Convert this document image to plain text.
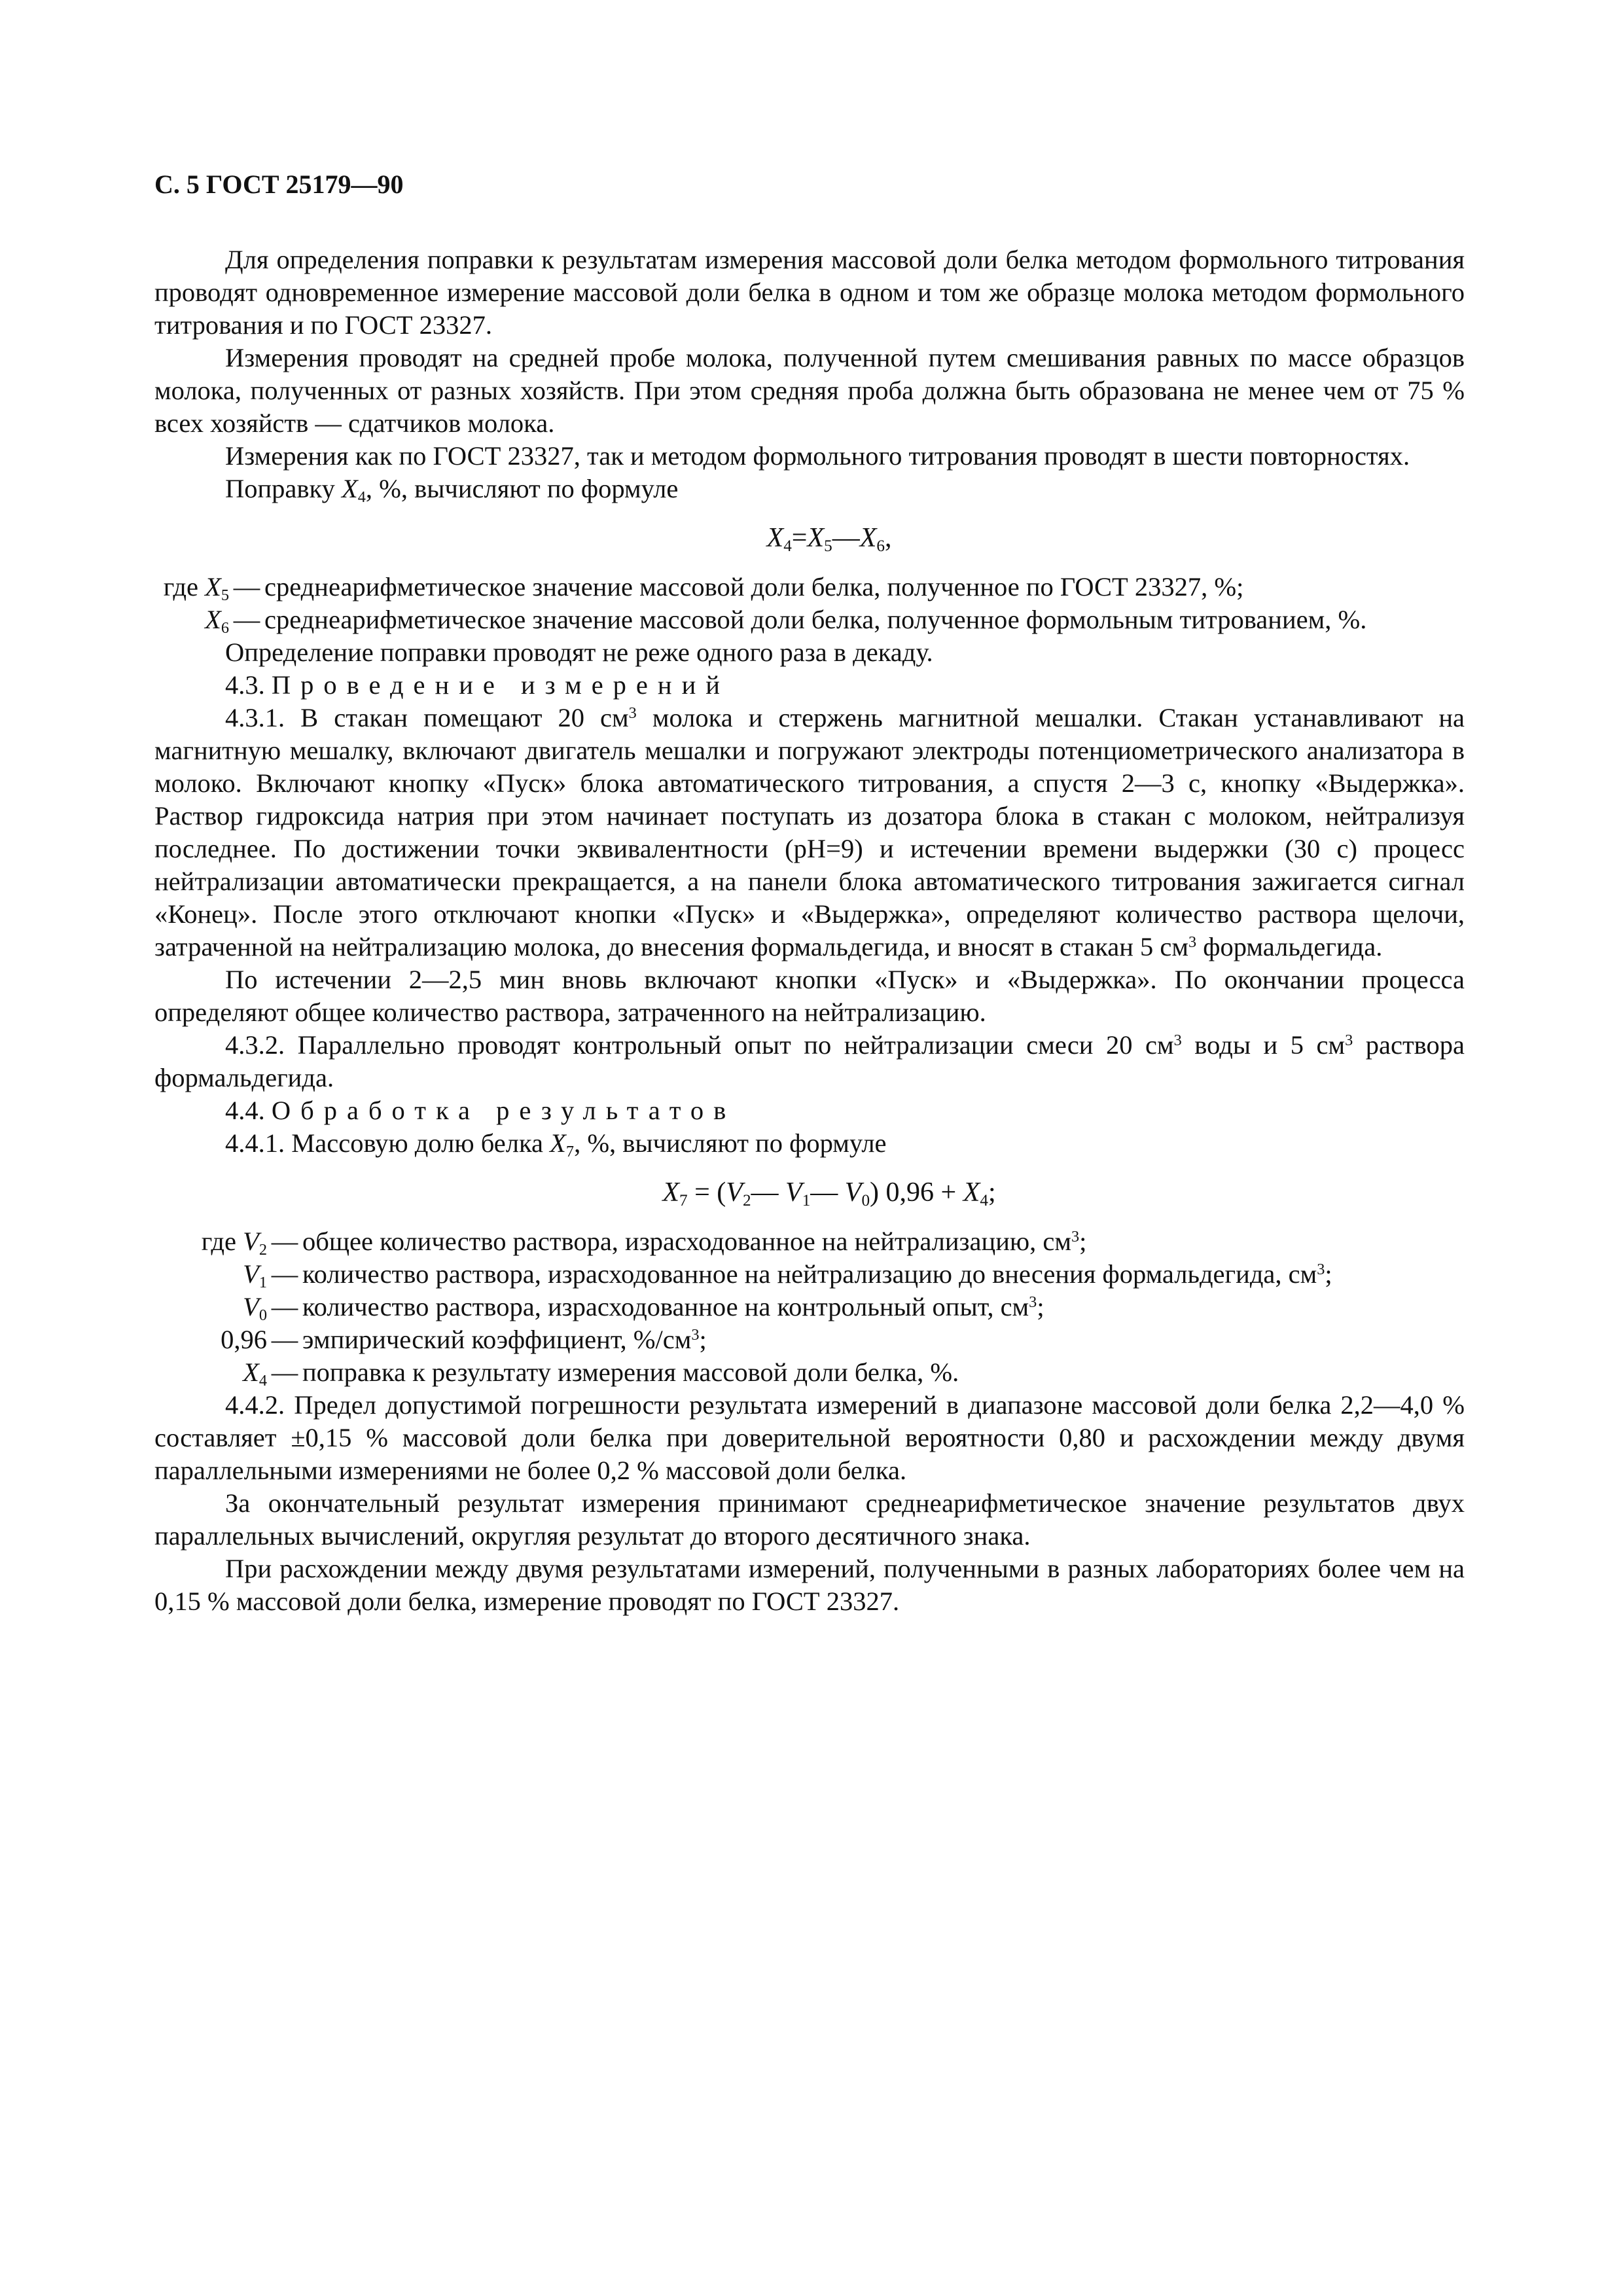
С. 5 ГОСТ 25179—90

Для определения поправки к результатам измерения массовой доли белка методом формольного титрования проводят одновременное измерение массовой доли белка в одном и том же образце молока методом формольного титрования и по ГОСТ 23327.

Измерения проводят на средней пробе молока, полученной путем смешивания равных по массе образцов молока, полученных от разных хозяйств. При этом средняя проба должна быть образована не менее чем от 75 % всех хозяйств — сдатчиков молока.

Измерения как по ГОСТ 23327, так и методом формольного титрования проводят в шести повторностях.

Поправку $X_4$, %, вычисляют по формуле

$X_4=X_5—X_6$,
где $X_5$ — среднеарифметическое значение массовой доли белка, полученное по ГОСТ 23327, %;
$X_6$ — среднеарифметическое значение массовой доли белка, полученное формольным титрованием, %.

Определение поправки проводят не реже одного раза в декаду.

4.3. Проведение измерений

4.3.1. В стакан помещают 20 $см^3$ молока и стержень магнитной мешалки. Стакан устанавливают на магнитную мешалку, включают двигатель мешалки и погружают электроды потенциометрического анализатора в молоко. Включают кнопку «Пуск» блока автоматического титрования, а спустя 2—3 с, кнопку «Выдержка». Раствор гидроксида натрия при этом начинает поступать из дозатора блока в стакан с молоком, нейтрализуя последнее. По достижении точки эквивалентности (рН=9) и истечении времени выдержки (30 с) процесс нейтрализации автоматически прекращается, а на панели блока автоматического титрования зажигается сигнал «Конец». После этого отключают кнопки «Пуск» и «Выдержка», определяют количество раствора щелочи, затраченной на нейтрализацию молока, до внесения формальдегида, и вносят в стакан 5 $см^3$ формальдегида.

По истечении 2—2,5 мин вновь включают кнопки «Пуск» и «Выдержка». По окончании процесса определяют общее количество раствора, затраченного на нейтрализацию.

4.3.2. Параллельно проводят контрольный опыт по нейтрализации смеси 20 $см^3$ воды и 5 $см^3$ раствора формальдегида.

4.4. Обработка результатов

4.4.1. Массовую долю белка $X_7$, %, вычисляют по формуле

$X_7$ = ($V_2—$ $V_1—$ $V_0$) $0,96 + X_4$;
где $V_2$ — общее количество раствора, израсходованное на нейтрализацию, $см^3$;
$V_1$ — количество раствора, израсходованное на нейтрализацию до внесения формальдегида, $см^3$;
$V_0$ — количество раствора, израсходованное на контрольный опыт, $см^3$;
0,96 — эмпирический коэффициент, $\%/см^3$;
$X_4$ — поправка к результату измерения массовой доли белка, %.

4.4.2. Предел допустимой погрешности результата измерений в диапазоне массовой доли белка 2,2—4,0 % составляет ±0,15 % массовой доли белка при доверительной вероятности 0,80 и расхождении между двумя параллельными измерениями не более 0,2 % массовой доли белка.

За окончательный результат измерения принимают среднеарифметическое значение результатов двух параллельных вычислений, округляя результат до второго десятичного знака.

При расхождении между двумя результатами измерений, полученными в разных лабораториях более чем на 0,15 % массовой доли белка, измерение проводят по ГОСТ 23327.
